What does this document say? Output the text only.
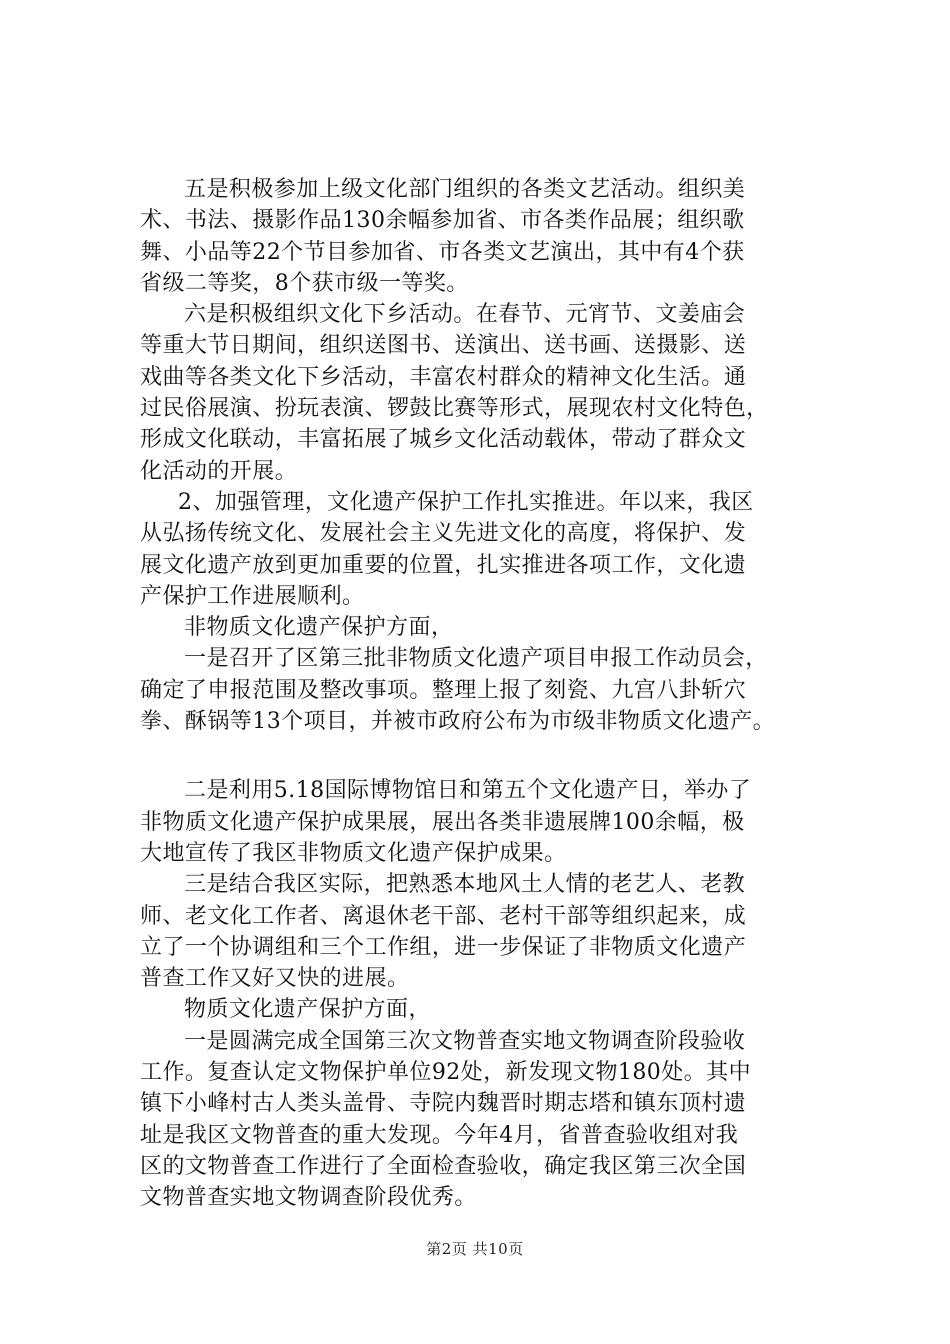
五是积极参加上级文化部门组织的各类文艺活动。组织美
术、书法、摄影作品130余幅参加省、市各类作品展；组织歌
舞、小品等22个节目参加省、市各类文艺演出，其中有4个获
省级二等奖，8个获市级一等奖。
六是积极组织文化下乡活动。在春节、元宵节、文姜庙会
等重大节日期间，组织送图书、送演出、送书画、送摄影、送
戏曲等各类文化下乡活动，丰富农村群众的精神文化生活。通
过民俗展演、扮玩表演、锣鼓比赛等形式，展现农村文化特色，
形成文化联动，丰富拓展了城乡文化活动载体，带动了群众文
化活动的开展。
2、加强管理，文化遗产保护工作扎实推进。年以来，我区
从弘扬传统文化、发展社会主义先进文化的高度，将保护、发
展文化遗产放到更加重要的位置，扎实推进各项工作，文化遗
产保护工作进展顺利。
非物质文化遗产保护方面，
一是召开了区第三批非物质文化遗产项目申报工作动员会，
确定了申报范围及整改事项。整理上报了刻瓷、九宫八卦斩穴
拳、酥锅等13个项目，并被市政府公布为市级非物质文化遗产。
二是利用5.18国际博物馆日和第五个文化遗产日，举办了
非物质文化遗产保护成果展，展出各类非遗展牌100余幅，极
大地宣传了我区非物质文化遗产保护成果。
三是结合我区实际，把熟悉本地风土人情的老艺人、老教
师、老文化工作者、离退休老干部、老村干部等组织起来，成
立了一个协调组和三个工作组，进一步保证了非物质文化遗产
普查工作又好又快的进展。
物质文化遗产保护方面，
一是圆满完成全国第三次文物普查实地文物调查阶段验收
工作。复查认定文物保护单位92处，新发现文物180处。其中
镇下小峰村古人类头盖骨、寺院内魏晋时期志塔和镇东顶村遗
址是我区文物普查的重大发现。今年4月，省普查验收组对我
区的文物普查工作进行了全面检查验收，确定我区第三次全国
文物普查实地文物调查阶段优秀。
第2页 共10页
